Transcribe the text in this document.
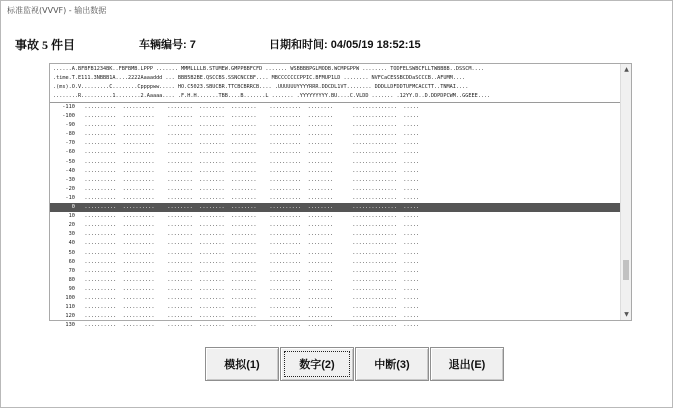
标准监视(VVVF) - 输出数据
事故 5 件目	车辆编号: 7	日期和时间: 04/05/19 18:52:15
......A.BFBFB1234BK..FBFBMB.LPPP ....... MMMLLLLB.STUMEW.GMPPBBFCFD ....... WSBBBBPGLMODB.WCMPGPPW ........ TODFELSWBCFLLTWBBBB..DSSCM....
.time.T.E111.3NBBB1A....2222Aaaaddd ... BBB5B2BE.QSCCBS.SSNCNCCBF.... MBCCCCCCCPPIC.BFMUP1LD ........ NVFCaCESSBCDDaSCCCB..AFUMM....
.(ms).O.V.........C........Cppppww..... HO.C5023.SBUCBR.TTCBCBRRCB.... .UUUUUUYYYYRRR.DDCDL1VT........ DDDLLDFDDTUFMCACCTT..TNMAI....
........R..........1........2.Aaaaa.... .F.H.H.......TBB....B.......L ....... .YYYYYYYYY.BU....C.VLDD ....... .12YY.D..D.DDPDPCWM..GGEEE....
-110 ..........  ..........    ........  ........  ........    ..........  ........      ..............  .....
-100 ..........  ..........    ........  ........  ........    ..........  ........      ..............  .....
-90 ..........  ..........    ........  ........  ........    ..........  ........      ..............  .....
-80 ..........  ..........    ........  ........  ........    ..........  ........      ..............  .....
-70 ..........  ..........    ........  ........  ........    ..........  ........      ..............  .....
-60 ..........  ..........    ........  ........  ........    ..........  ........      ..............  .....
-50 ..........  ..........    ........  ........  ........    ..........  ........      ..............  .....
-40 ..........  ..........    ........  ........  ........    ..........  ........      ..............  .....
-30 ..........  ..........    ........  ........  ........    ..........  ........      ..............  .....
-20 ..........  ..........    ........  ........  ........    ..........  ........      ..............  .....
-10 ..........  ..........    ........  ........  ........    ..........  ........      ..............  .....
0 ..........  ..........    ........  ........  ........    ..........  ........      ..............  .....
10 ..........  ..........    ........  ........  ........    ..........  ........      ..............  .....
20 ..........  ..........    ........  ........  ........    ..........  ........      ..............  .....
30 ..........  ..........    ........  ........  ........    ..........  ........      ..............  .....
40 ..........  ..........    ........  ........  ........    ..........  ........      ..............  .....
50 ..........  ..........    ........  ........  ........    ..........  ........      ..............  .....
60 ..........  ..........    ........  ........  ........    ..........  ........      ..............  .....
70 ..........  ..........    ........  ........  ........    ..........  ........      ..............  .....
80 ..........  ..........    ........  ........  ........    ..........  ........      ..............  .....
90 ..........  ..........    ........  ........  ........    ..........  ........      ..............  .....
100 ..........  ..........    ........  ........  ........    ..........  ........      ..............  .....
110 ..........  ..........    ........  ........  ........    ..........  ........      ..............  .....
120 ..........  ..........    ........  ........  ........    ..........  ........      ..............  .....
130 ..........  ..........    ........  ........  ........    ..........  ........      ..............  .....
▲
▼
模拟(1)	数字(2)	中断(3)	退出(E)
